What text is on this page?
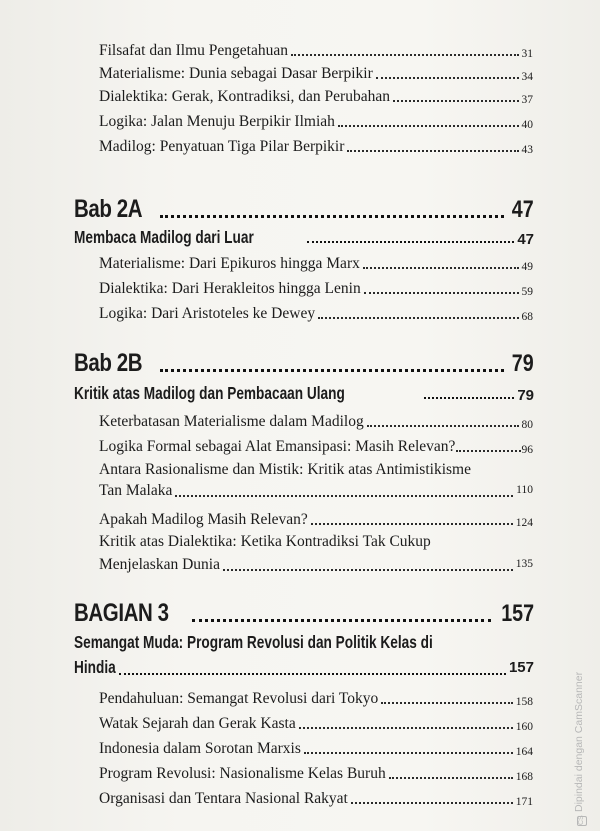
Filsafat dan Ilmu Pengetahuan	31
Materialisme: Dunia sebagai Dasar Berpikir	34
Dialektika: Gerak, Kontradiksi, dan Perubahan	37
Logika: Jalan Menuju Berpikir Ilmiah	40
Madilog: Penyatuan Tiga Pilar Berpikir	43
Bab 2A	47
Membaca Madilog dari Luar	47
Materialisme: Dari Epikuros hingga Marx	49
Dialektika: Dari Herakleitos hingga Lenin	59
Logika: Dari Aristoteles ke Dewey	68
Bab 2B	79
Kritik atas Madilog dan Pembacaan Ulang	79
Keterbatasan Materialisme dalam Madilog	80
Logika Formal sebagai Alat Emansipasi: Masih Relevan?	96
Antara Rasionalisme dan Mistik: Kritik atas Antimistikisme
Tan Malaka	110
Apakah Madilog Masih Relevan?	124
Kritik atas Dialektika: Ketika Kontradiksi Tak Cukup
Menjelaskan Dunia	135
BAGIAN 3	157
Semangat Muda: Program Revolusi dan Politik Kelas di
Hindia	157
Pendahuluan: Semangat Revolusi dari Tokyo	158
Watak Sejarah dan Gerak Kasta	160
Indonesia dalam Sorotan Marxis	164
Program Revolusi: Nasionalisme Kelas Buruh	168
Organisasi dan Tentara Nasional Rakyat	171
CSDipindai dengan CamScanner
